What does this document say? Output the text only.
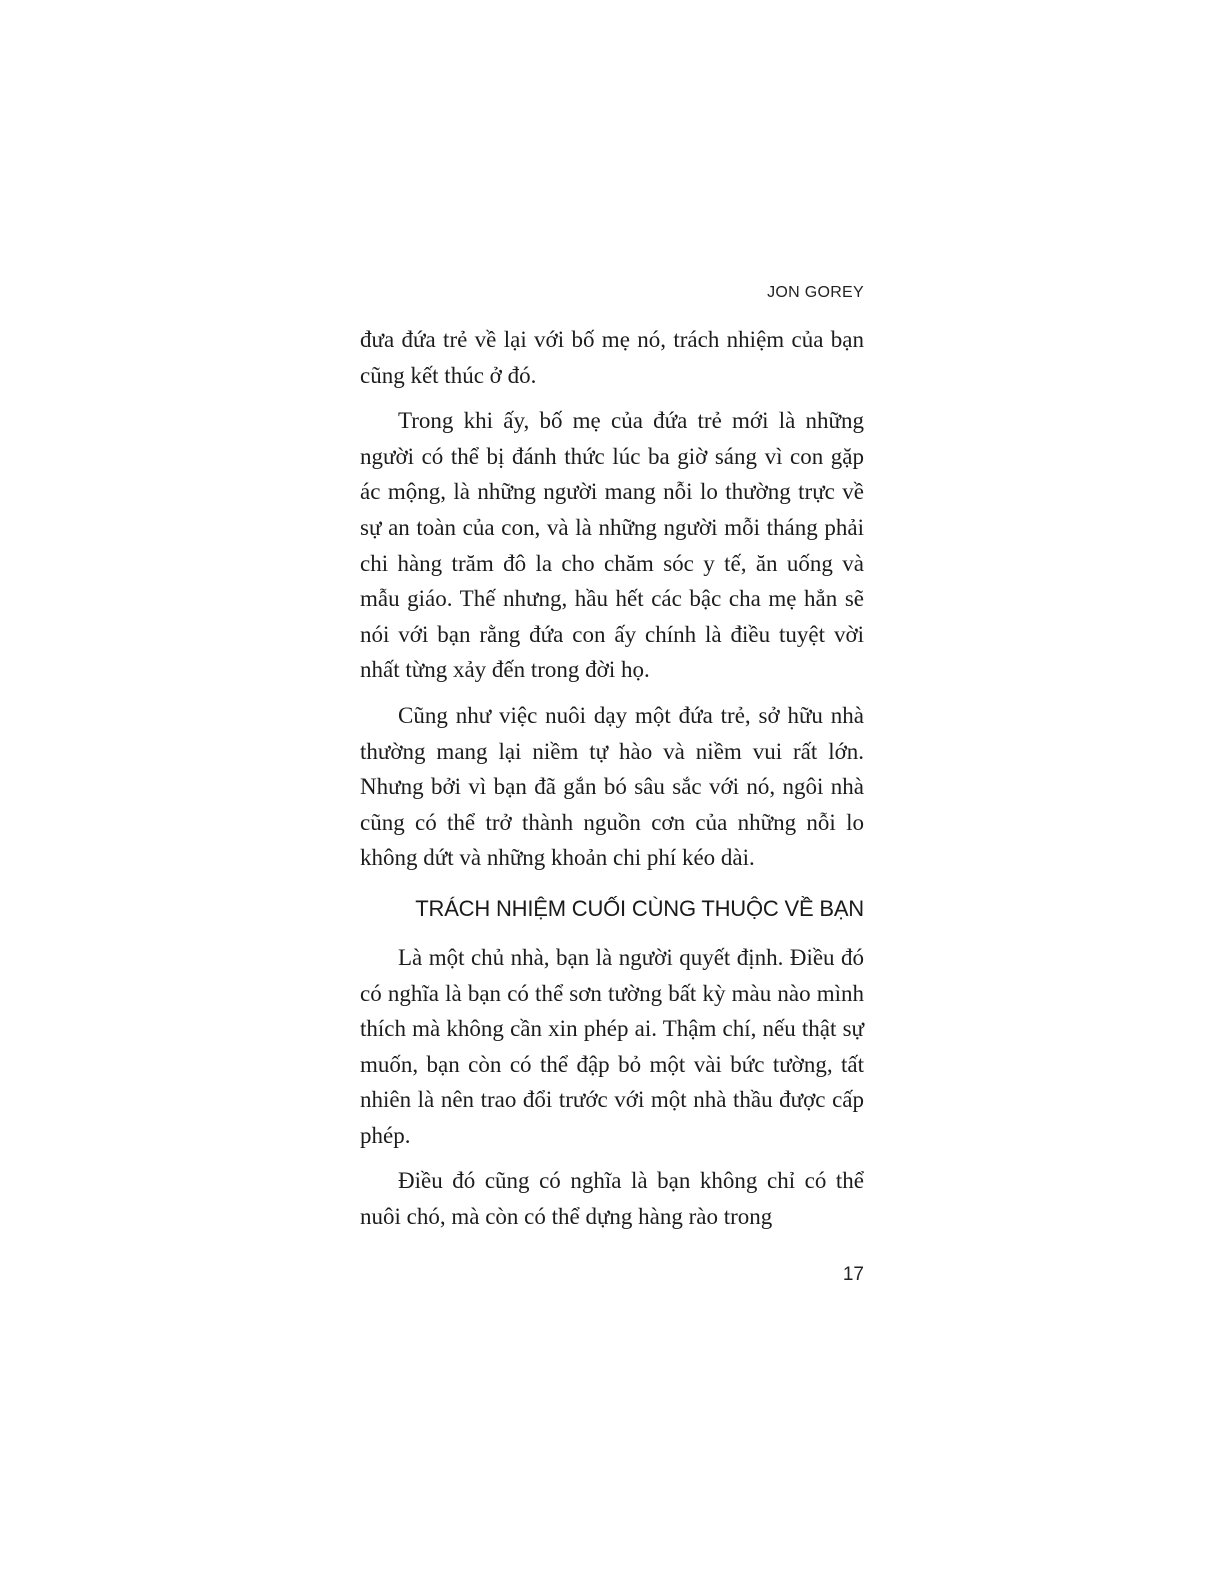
JON GOREY

đưa đứa trẻ về lại với bố mẹ nó, trách nhiệm của bạn cũng kết thúc ở đó.

Trong khi ấy, bố mẹ của đứa trẻ mới là những người có thể bị đánh thức lúc ba giờ sáng vì con gặp ác mộng, là những người mang nỗi lo thường trực về sự an toàn của con, và là những người mỗi tháng phải chi hàng trăm đô la cho chăm sóc y tế, ăn uống và mẫu giáo. Thế nhưng, hầu hết các bậc cha mẹ hẳn sẽ nói với bạn rằng đứa con ấy chính là điều tuyệt vời nhất từng xảy đến trong đời họ.

Cũng như việc nuôi dạy một đứa trẻ, sở hữu nhà thường mang lại niềm tự hào và niềm vui rất lớn. Nhưng bởi vì bạn đã gắn bó sâu sắc với nó, ngôi nhà cũng có thể trở thành nguồn cơn của những nỗi lo không dứt và những khoản chi phí kéo dài.

TRÁCH NHIỆM CUỐI CÙNG THUỘC VỀ BẠN

Là một chủ nhà, bạn là người quyết định. Điều đó có nghĩa là bạn có thể sơn tường bất kỳ màu nào mình thích mà không cần xin phép ai. Thậm chí, nếu thật sự muốn, bạn còn có thể đập bỏ một vài bức tường, tất nhiên là nên trao đổi trước với một nhà thầu được cấp phép.

Điều đó cũng có nghĩa là bạn không chỉ có thể nuôi chó, mà còn có thể dựng hàng rào trong

17
